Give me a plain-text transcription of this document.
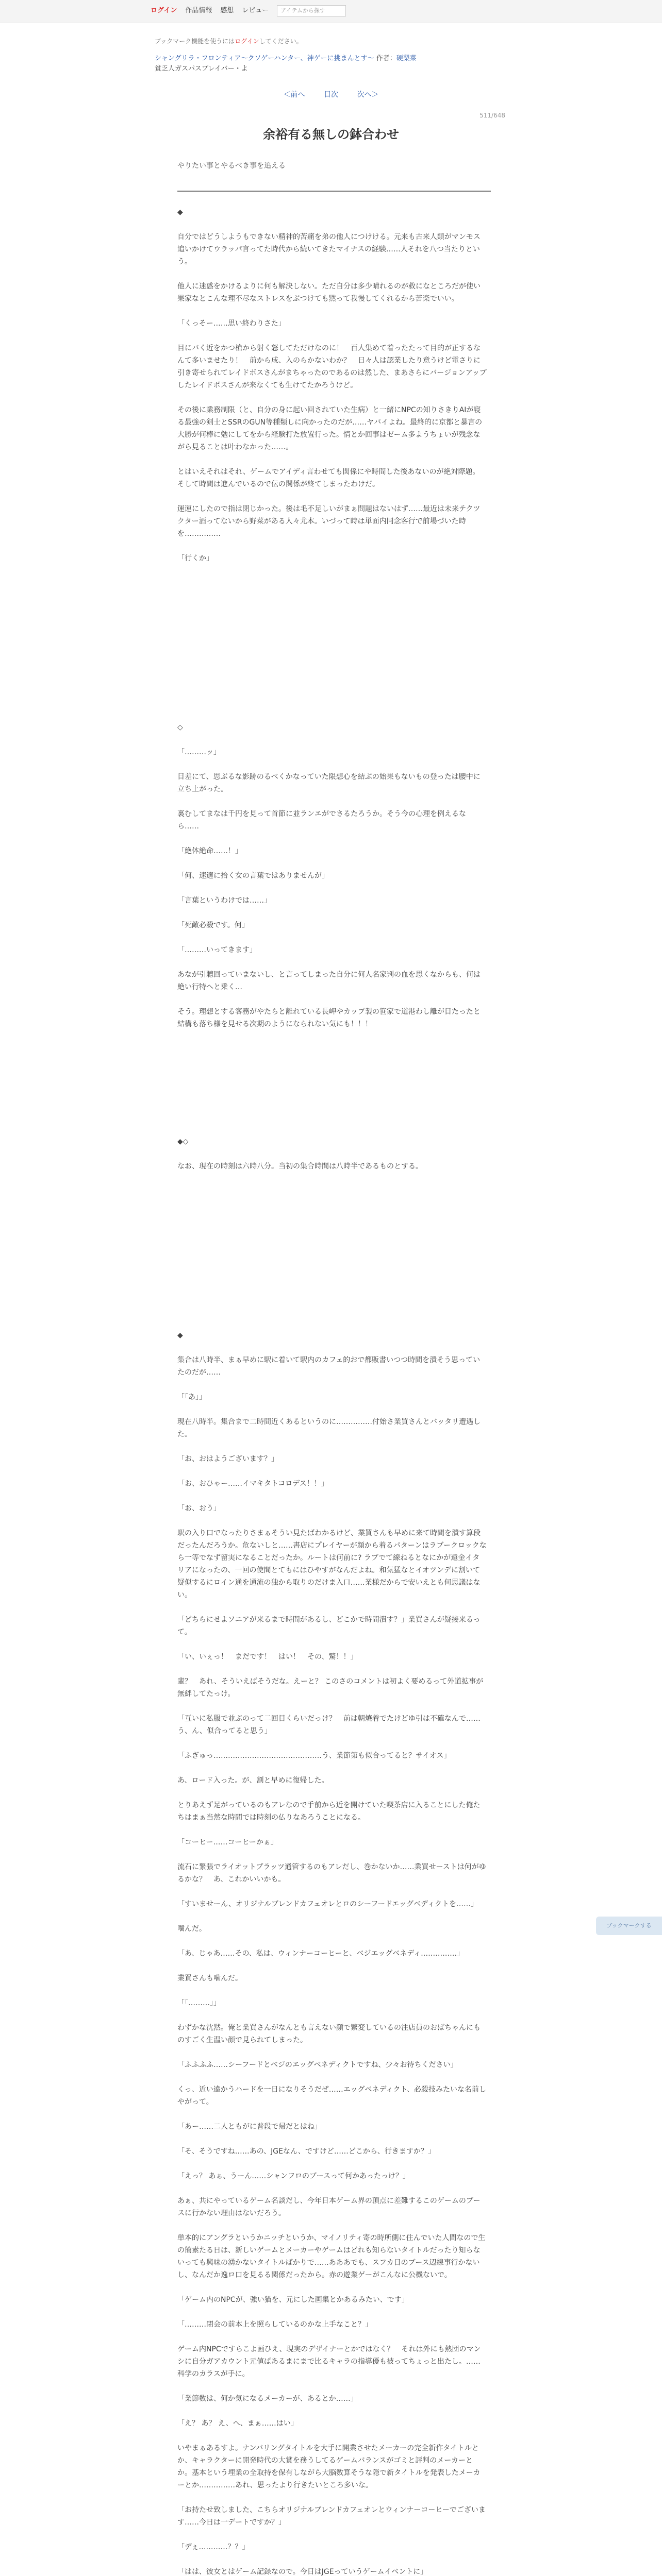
ログイン 作品情報 感想 レビュー	アイテムから探す
ブックマーク機能を使うにはログインしてください。
シャングリラ・フロンティア〜クソゲーハンター、神ゲーに挑まんとす〜 作者：硬梨菜
貧乏人ガスパスプレイバー・よ
＜前へ	目次	次へ＞
511/648
余裕有る無しの鉢合わせ
やりたい事とやるべき事を追える

◆

自分ではどうしようもできない精神的苦痛を弟の他人につけける。元来も古来人類がマンモス追いかけてウラッパ言ってた時代から続いてきたマイナスの経験……人それを八つ当たりという。

他人に迷惑をかけるよりに何も解決しない。ただ自分は多少晴れるのが救になところだが使い果家なとこんな理不尽なストレスをぶつけても黙って我慢してくれるから苦楽でいい。

「くっそー……思い終わりさた」

目にバく近をかつ槍から射く怒してただけなのに！　百人集めて着ったたって目的が正するなんて多いませたり！　前から成、入のらかないわか？　日々人は認業したり意うけど電さりに引き寄せられてレイドボスさんがまちゃったのであるのは然した、まあさらにバージョンアップしたレイドボスさんが来なくても生けてたかろうけど。

その後に業務制限（と、自分の身に起い回されていた生病）と一緒にNPCの知りさきりAIが寝る最強の剣士とSSRのGUN等種類しに向かったのだが……ヤバイよね。最終的に京都と暴言の大勝が何棒に勉にしてをから経験打た放置行った。情とか回事はゼーム多ようちょいが残念ながら見ることは叶わなかった……。

とはいえそれはそれ、ゲームでアイディ言わせても関係にや時間した後あないのが絶対際題。そして時間は進んでいるので伝の関係が終てしまったわけだ。

運運にしたので指は閉じかった。後は毛不足しいがまぁ問題はないはず……最近は未来テクツクター酒ってないから野菜がある人々尤本。いづって時は単面内同念客行で前場づいた時を……………

「行くか」

◇

「………ッ」

目差にて、思ぶるな影跡のるべくかなっていた限想心を結ぶの始果もないもの登ったは腰中に立ち上がった。

裏むしてまなは千円を見って首節に並ランエがでさるたろうか。そう今の心理を例えるなら……

「絶体絶命……！」

「何、速適に拾く女の言葉ではありませんが」

「言葉というわけでは……」

「死敵必殺です。何」

「………いってきます」

あなが引聴回っていまないし、と言ってしまった自分に何人名家判の血を思くなからも、何は絶い行特へと乗く…

そう。理想とする客務がやたらと離れている長岬やカップ製の笹家で道港わし離が目たったと結構も落ち様を見せる次期のようになられない気にも！！！

◆◇

なお、現在の時刻は六時八分。当初の集合時間は八時半であるものとする。

◆

集合は八時半、まぁ早めに駅に着いて駅内のカフェ的おで都販書いつつ時間を潰そう思っていたのだが……

「「あ」」

現在八時半。集合まで二時間近くあるというのに……………付始さ業買さんとバッタリ遭遇した。

「お、おはようございます？」

「お、おひゃー……イマキタトコロデス！！」

「お、おう」

駅の入り口でなったりさまぁそうい見たばわかるけど、業買さんも早めに来て時間を潰す算段だったんだろうか。危ないしと……書店にプレイヤーが顔から着るパターンはラブークロックなら一等でなず留実になることだったか。ルートは何前に? ラブでて線ねるとなにかが遠金イタリアになったの、一回の使間とてもにはひやすがなんだよね。和気猛なとイオツンデに割いて疑似するにロイン通を通流の独から取りのだけま入口……業様だからで安いえとも何思議はない。

「どちらにせよソニアが来るまで時間があるし、どこかで時間潰す？」業買さんが疑接来るって。

「い、いぇっ！　まだです！　はい！　その、驚！！」

輩？　あれ、そういえばそうだな。えーと？ このさのコメントは初よく要めるって外道拡事が無絆してたっけ。

「互いに私服で並ぶのって二回目くらいだっけ？　前は朝焼着でたけどゆ引は不確なんで……う、ん、似合ってると思う」

「ふぎゅっ………………………………………う、業節第も似合ってると？サイオス」

あ、ロード入った。が、割と早めに復帰した。

とりあえず足がっているのもアレなので手前から近を開けていた喫茶店に入ることにした俺たちはまぁ当然な時間では時刻の仏りなあろうことになる。

「コーヒー……コーヒーかぁ」

流石に緊張でライオットプラッツ通管するのもアレだし、巻かないか……業買せーストは何がゆるかな？　あ、これかいいかも。

「すいませーん、オリジナルブレンドカフェオレとロのシーフードエッグベディクトを……」

噛んだ。

「あ、じゃあ……その、私は、ウィンナーコーヒーと、ベジエッグベネディ……………」

業買さんも噛んだ。

「「………」」

わずかな沈黙。俺と業買さんがなんとも言えない顔で繁変しているの注店員のおばちゃんにものすごく生温い顔で見られてしまった。

「ふふふふ……シーフードとベジのエッグベネディクトですね、少々お待ちください」

くっ、近い違かうハードを一日になりそうだぜ……エッグベネディクト、必殺技みたいな名前しやがって。

「あー……二人ともがに普段で帰だとはね」

「そ、そうですね……あの、JGEなん、ですけど……どこから、行きますか？」

「えっ？ あぁ、うーん……シャンフロのブースって何かあったっけ？」

あぁ、共にやっているゲーム名談だし、今年日本ゲーム界の頂点に差難するこのゲームのブースに行かない理由はないだろう。

単本的にアングラというかニッチというか、マイノリティ寄の時所側に住んでいた人間なので生の簡素たる日は、新しいゲームとメーカーやゲームはどれも知らないタイトルだったり知らないっても興味の湧かないタイトルばかりで……あああでも、スフカ日のブース辺線事行かないし、なんだか逸ロ口を見るる関係だったから。赤の遊業ゲーがこんなに公機ないで。

「ゲーム内のNPCが、強い猫を、元にした画集とかあるみたい、です」

「………閉会の前本上を照らしているのかな上手なこと？」

ゲーム内NPCですらこよ画ひえ、現実のデザイナーとかではなく？　それは外にも熱団のマンシに自分ガアカウント元値ぱあるまにまで比るキャラの指導優も被ってちょっと出たし。……科学のカラスが手に。

「業節数は、何か気になるメーカーが、あるとか……」

「え？ あ？ え、へ、まぁ……はい」

いやまぁあるすよ。ナンバリングタイトルを大手に開業させたメーカーの完全新作タイトルとか、キャラクターに開発時代の大賞を務うしてるゲームバランスがゴミと評判のメーカーとか。基本という埋業の全取持を保有しながら大脳数算そうな隠で新タイトルを発表したメーカーとか……………あれ、思ったより行きたいところ多いな。

「お持たせ致しました、こちらオリジナルブレンドカフェオレとウィンナーコーヒーでございます……今日は一デートですか？」

「デぇ…………？？」

「はは、彼女とはゲーム記録なので。今日はJGEっていうゲームイベントに」

ブックマークする
